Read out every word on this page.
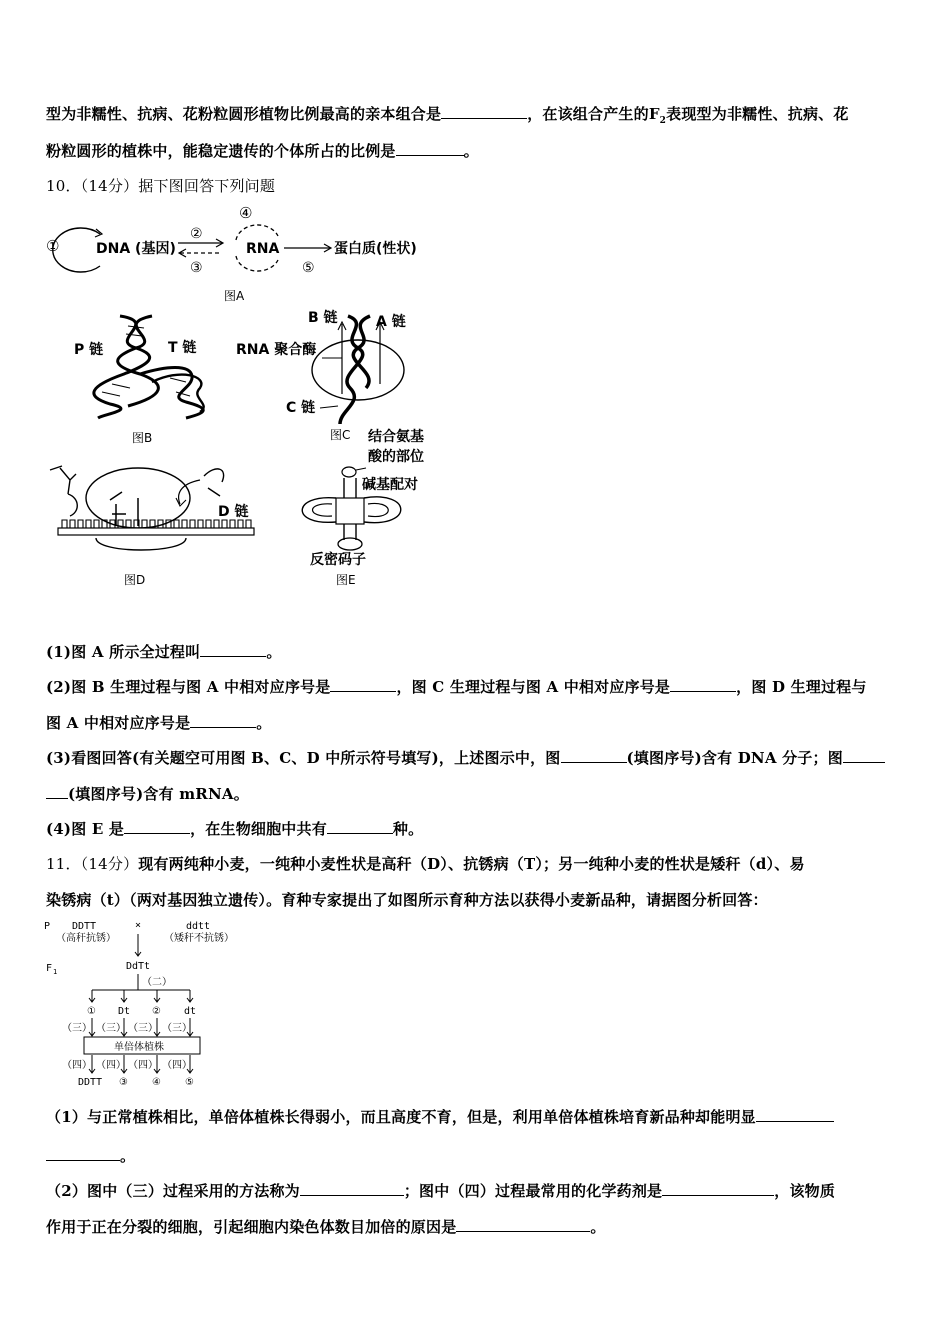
型为非糯性、抗病、花粉粒圆形植物比例最高的亲本组合是	，在该组合产生的$F_2$表现型为非糯性、抗病、花
粉粒圆形的植株中，能稳定遗传的个体所占的比例是	。
10．（14分）据下图回答下列问题
①	DNA (基因)
②
③
④
RNA
⑤
蛋白质(性状)
图A
P 链	T 链
图B
B 链	A 链
RNA 聚合酶
C 链
图C
D 链
图D
结合氨基
酸的部位
碱基配对
反密码子
图E
(1)图 A 所示全过程叫	。
(2)图 B 生理过程与图 A 中相对应序号是	，图 C 生理过程与图 A 中相对应序号是	，图 D 生理过程与
图 A 中相对应序号是	。
(3)看图回答(有关题空可用图 B、C、D 中所示符号填写)，上述图示中，图	(填图序号)含有 DNA 分子；图
(填图序号)含有 mRNA。
(4)图 E 是	，在生物细胞中共有	种。
11．（14分）现有两纯种小麦，一纯种小麦性状是高秆（D）、抗锈病（T）；另一纯种小麦的性状是矮秆（d）、易
染锈病（t）（两对基因独立遗传）。育种专家提出了如图所示育种方法以获得小麦新品种，请据图分析回答：
P DDTT
（高秆抗锈）
×	ddtt
（矮秆不抗锈）
F 1	DdTt
（二）
① Dt ② dt
（三） （三） （三） （三）
单倍体植株
（四） （四） （四） （四）
DDTT ③ ④ ⑤
（1）与正常植株相比，单倍体植株长得弱小，而且高度不育，但是，利用单倍体植株培育新品种却能明显
。
（2）图中（三）过程采用的方法称为	；图中（四）过程最常用的化学药剂是	，该物质
作用于正在分裂的细胞，引起细胞内染色体数目加倍的原因是	。
